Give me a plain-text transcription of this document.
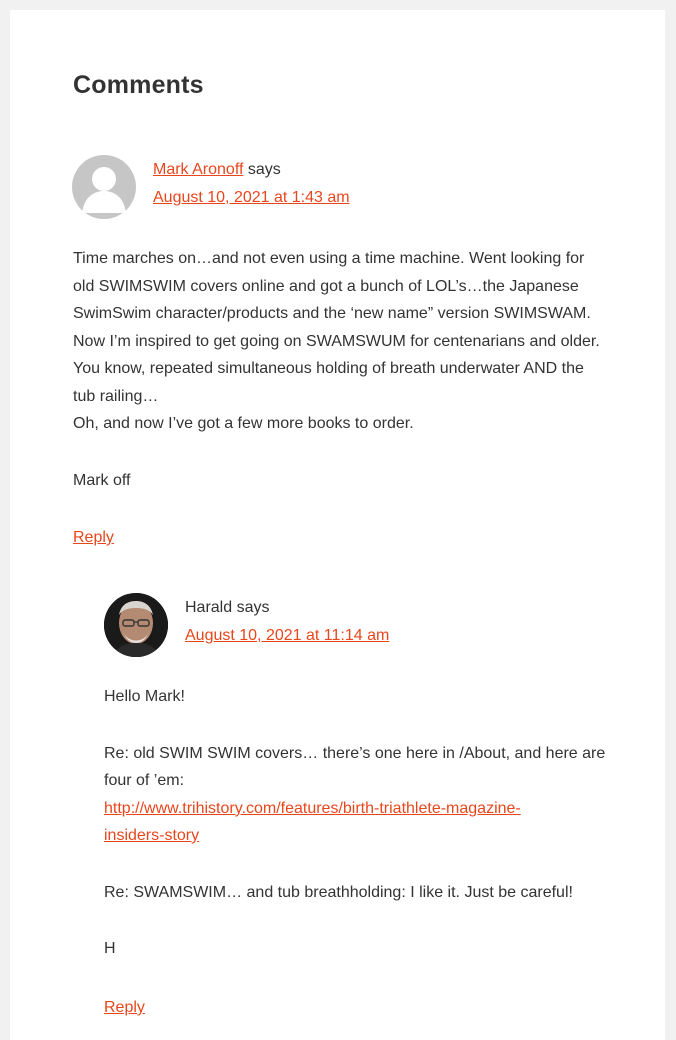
Comments
Mark Aronoff says
August 10, 2021 at 1:43 am

Time marches on…and not even using a time machine. Went looking for
old SWIMSWIM covers online and got a bunch of LOL’s…the Japanese
SwimSwim character/products and the ‘new name” version SWIMSWAM.
Now I’m inspired to get going on SWAMSWUM for centenarians and older.
You know, repeated simultaneous holding of breath underwater AND the
tub railing…
Oh, and now I’ve got a few more books to order.

Mark off

Reply
Harald says
August 10, 2021 at 11:14 am

Hello Mark!

Re: old SWIM SWIM covers… there’s one here in /About, and here are
four of ’em:
http://www.trihistory.com/features/birth-triathlete-magazine-
insiders-story

Re: SWAMSWIM… and tub breathholding: I like it. Just be careful!

H

Reply
